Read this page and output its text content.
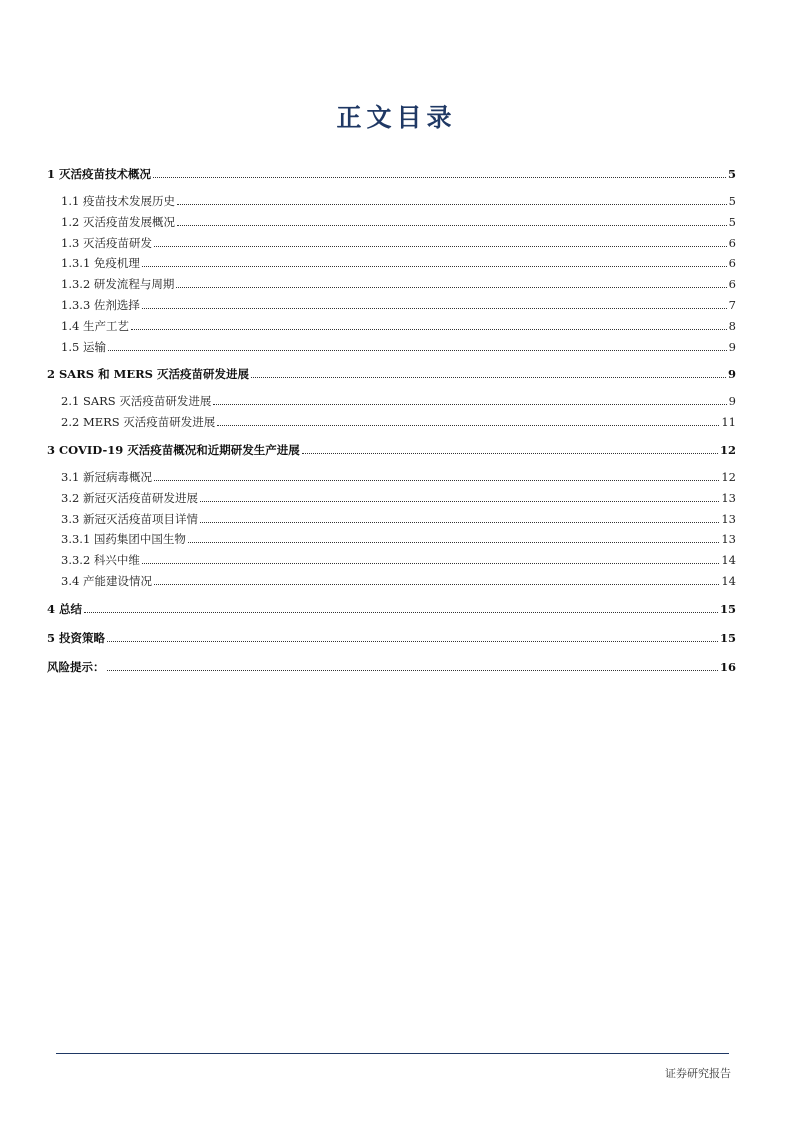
正文目录
1 灭活疫苗技术概况	5
1.1 疫苗技术发展历史	5
1.2 灭活疫苗发展概况	5
1.3 灭活疫苗研发	6
1.3.1 免疫机理	6
1.3.2 研发流程与周期	6
1.3.3 佐剂选择	7
1.4 生产工艺	8
1.5 运输	9
2 SARS 和 MERS 灭活疫苗研发进展	9
2.1 SARS 灭活疫苗研发进展	9
2.2 MERS 灭活疫苗研发进展	11
3 COVID-19 灭活疫苗概况和近期研发生产进展	12
3.1 新冠病毒概况	12
3.2 新冠灭活疫苗研发进展	13
3.3 新冠灭活疫苗项目详情	13
3.3.1 国药集团中国生物	13
3.3.2 科兴中维	14
3.4 产能建设情况	14
4 总结	15
5 投资策略	15
风险提示：	16
证券研究报告
